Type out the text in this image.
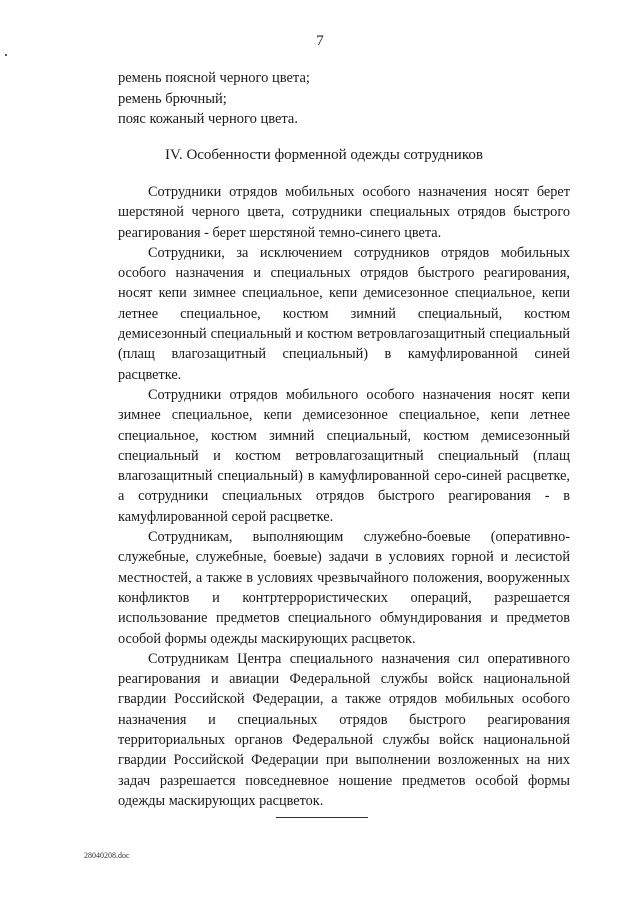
7
ремень поясной черного цвета;
ремень брючный;
пояс кожаный черного цвета.
IV. Особенности форменной одежды сотрудников

Сотрудники отрядов мобильных особого назначения носят берет шерстяной черного цвета, сотрудники специальных отрядов быстрого реагирования - берет шерстяной темно-синего цвета.

Сотрудники, за исключением сотрудников отрядов мобильных особого назначения и специальных отрядов быстрого реагирования, носят кепи зимнее специальное, кепи демисезонное специальное, кепи летнее специальное, костюм зимний специальный, костюм демисезонный специальный и костюм ветровлагозащитный специальный (плащ влагозащитный специальный) в камуфлированной синей расцветке.

Сотрудники отрядов мобильного особого назначения носят кепи зимнее специальное, кепи демисезонное специальное, кепи летнее специальное, костюм зимний специальный, костюм демисезонный специальный и костюм ветровлагозащитный специальный (плащ влагозащитный специальный) в камуфлированной серо-синей расцветке, а сотрудники специальных отрядов быстрого реагирования - в камуфлированной серой расцветке.

Сотрудникам, выполняющим служебно-боевые (оперативно-служебные, служебные, боевые) задачи в условиях горной и лесистой местностей, а также в условиях чрезвычайного положения, вооруженных конфликтов и контртеррористических операций, разрешается использование предметов специального обмундирования и предметов особой формы одежды маскирующих расцветок.

Сотрудникам Центра специального назначения сил оперативного реагирования и авиации Федеральной службы войск национальной гвардии Российской Федерации, а также отрядов мобильных особого назначения и специальных отрядов быстрого реагирования территориальных органов Федеральной службы войск национальной гвардии Российской Федерации при выполнении возложенных на них задач разрешается повседневное ношение предметов особой формы одежды маскирующих расцветок.

28040208.doc
